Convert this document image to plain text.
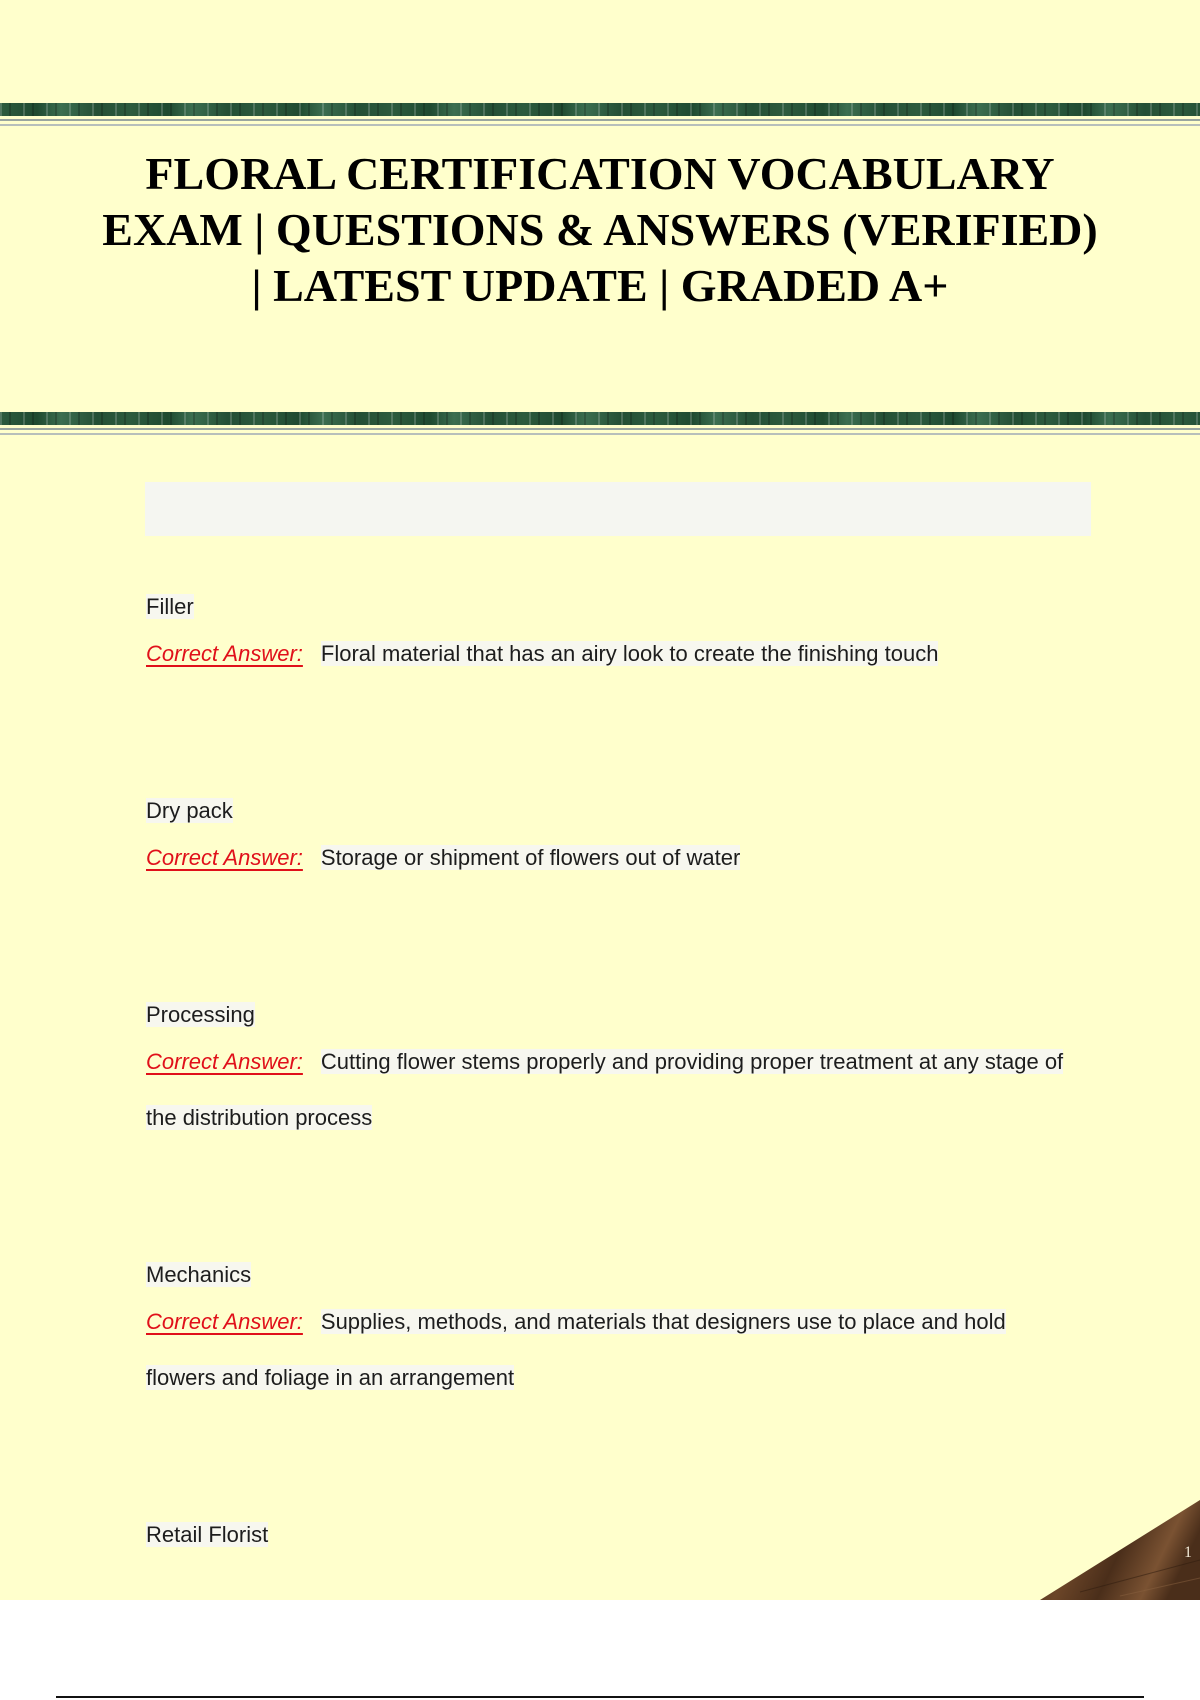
FLORAL CERTIFICATION VOCABULARY EXAM | QUESTIONS & ANSWERS (VERIFIED) | LATEST UPDATE | GRADED A+
Filler
Correct Answer: Floral material that has an airy look to create the finishing touch
Dry pack
Correct Answer: Storage or shipment of flowers out of water
Processing
Correct Answer: Cutting flower stems properly and providing proper treatment at any stage of the distribution process
Mechanics
Correct Answer: Supplies, methods, and materials that designers use to place and hold flowers and foliage in an arrangement
Retail Florist
1
